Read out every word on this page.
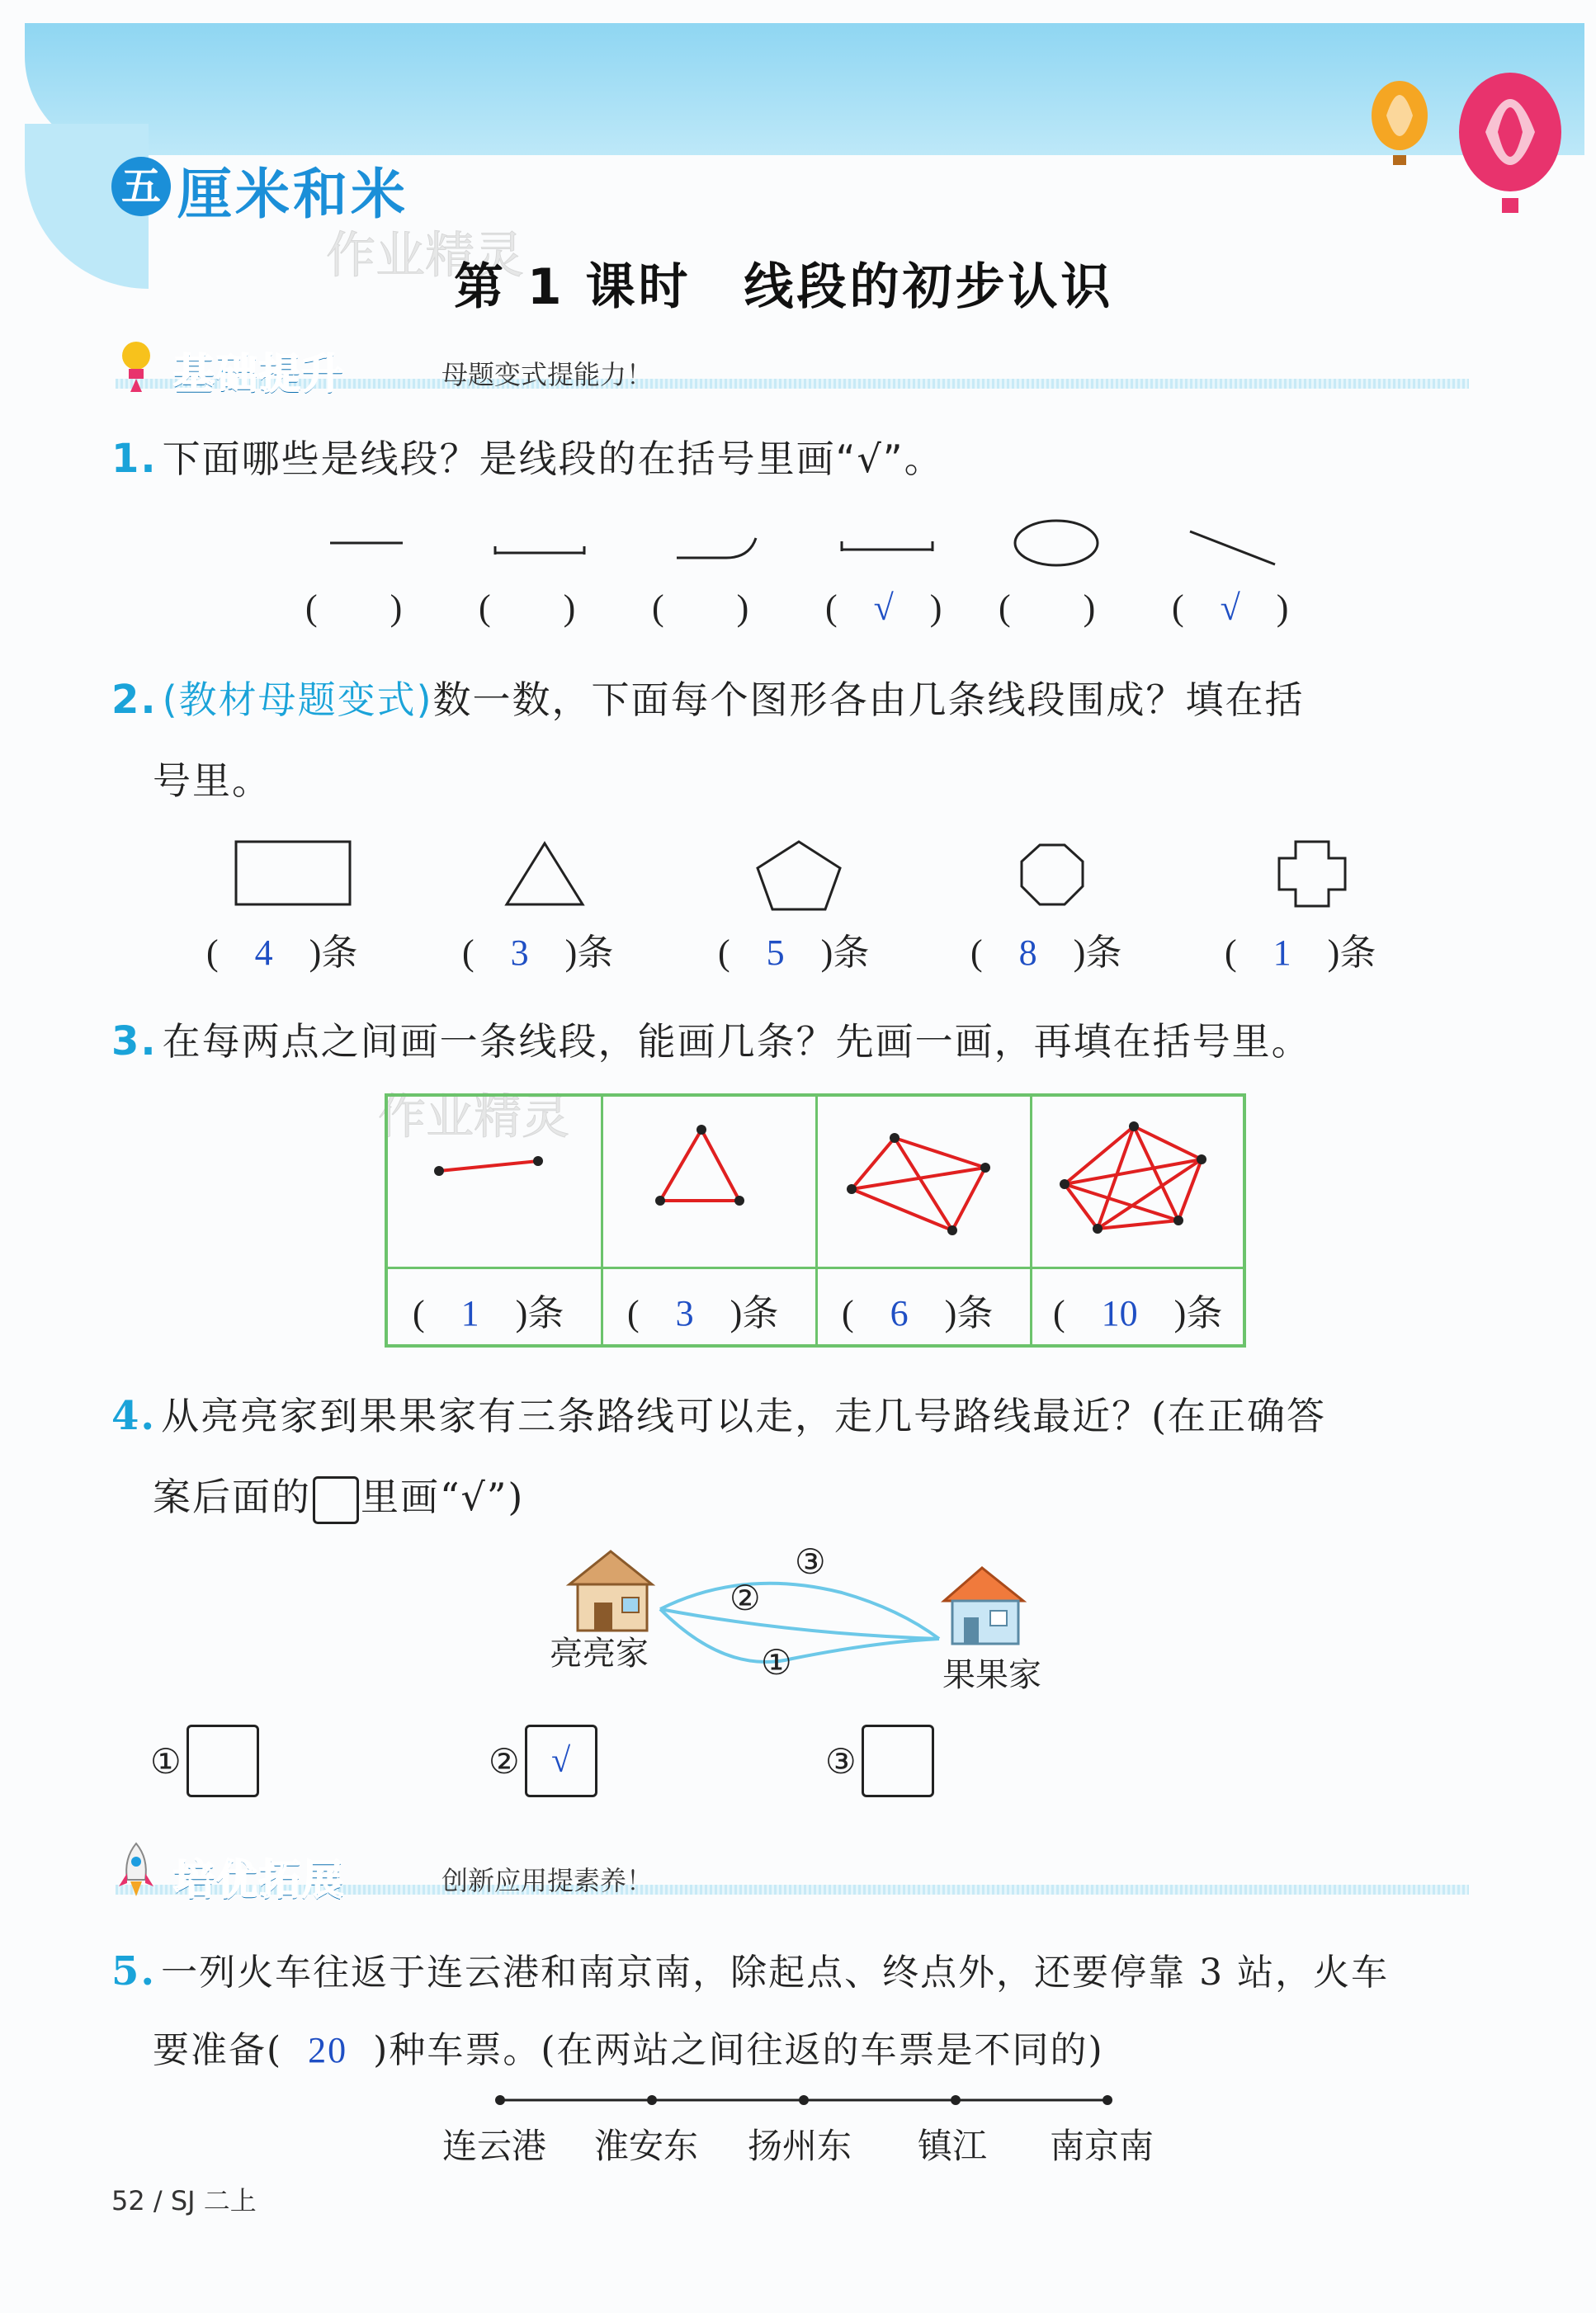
五 厘米和米
作业精灵
第 1 课时　线段的初步认识
基础提升	母题变式提能力！
1. 下面哪些是线段？是线段的在括号里画“√”。
(　　) (　　) (　　) (　√　) (　　) (　√　)
2. (教材母题变式)数一数，下面每个图形各由几条线段围成？填在括
号里。
(　4　)条	(　3　)条	(　5　)条	(　8　)条	(　1　)条
3. 在每两点之间画一条线段，能画几条？先画一画，再填在括号里。
作业精灵
(　1　)条 (　3　)条 (　6　)条 (　10　)条
4. 从亮亮家到果果家有三条路线可以走，走几号路线最近？(在正确答
案后面的 里画“√”)
③
②
①
亮亮家
果果家
①	② √	③
培优拓展	创新应用提素养！
5. 一列火车往返于连云港和南京南，除起点、终点外，还要停靠 3 站，火车
要准备( 20 )种车票。(在两站之间往返的车票是不同的)
连云港 淮安东 扬州东 镇江 南京南
52 / SJ 二上
